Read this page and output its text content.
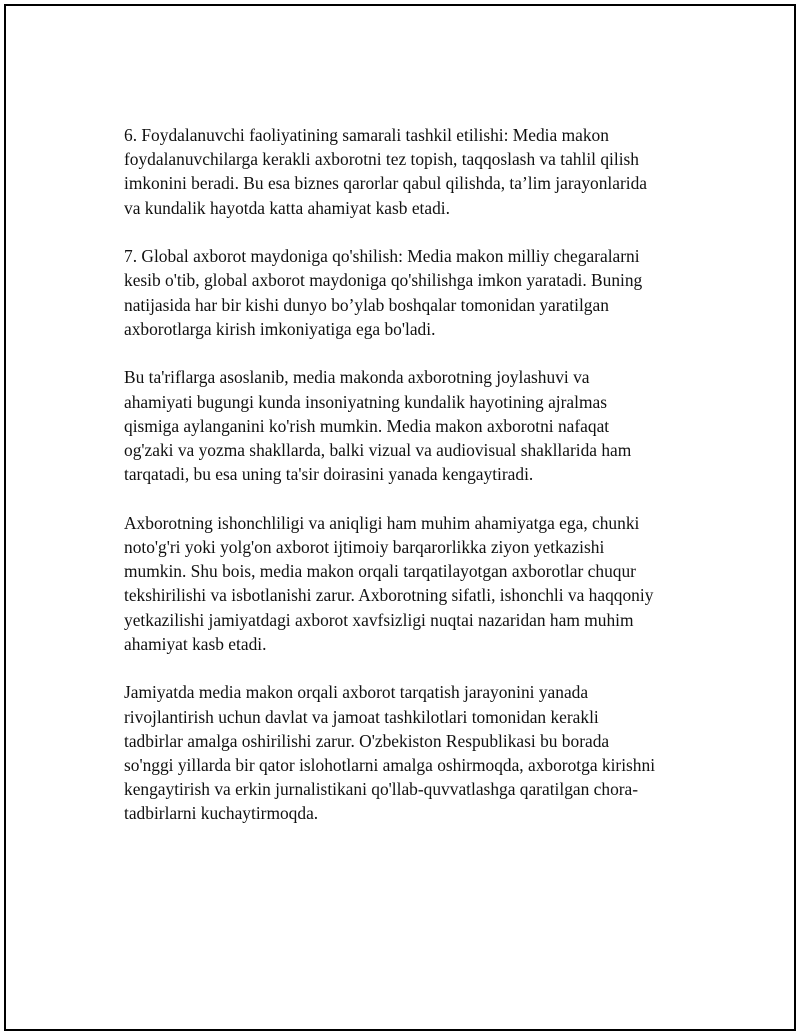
6. Foydalanuvchi faoliyatining samarali tashkil etilishi: Media makon
foydalanuvchilarga kerakli axborotni tez topish, taqqoslash va tahlil qilish
imkonini beradi. Bu esa biznes qarorlar qabul qilishda, ta’lim jarayonlarida
va kundalik hayotda katta ahamiyat kasb etadi.

7. Global axborot maydoniga qo'shilish: Media makon milliy chegaralarni
kesib o'tib, global axborot maydoniga qo'shilishga imkon yaratadi. Buning
natijasida har bir kishi dunyo bo’ylab boshqalar tomonidan yaratilgan
axborotlarga kirish imkoniyatiga ega bo'ladi.

Bu ta'riflarga asoslanib, media makonda axborotning joylashuvi va
ahamiyati bugungi kunda insoniyatning kundalik hayotining ajralmas
qismiga aylanganini ko'rish mumkin. Media makon axborotni nafaqat
og'zaki va yozma shakllarda, balki vizual va audiovisual shakllarida ham
tarqatadi, bu esa uning ta'sir doirasini yanada kengaytiradi.

Axborotning ishonchliligi va aniqligi ham muhim ahamiyatga ega, chunki
noto'g'ri yoki yolg'on axborot ijtimoiy barqarorlikka ziyon yetkazishi
mumkin. Shu bois, media makon orqali tarqatilayotgan axborotlar chuqur
tekshirilishi va isbotlanishi zarur. Axborotning sifatli, ishonchli va haqqoniy
yetkazilishi jamiyatdagi axborot xavfsizligi nuqtai nazaridan ham muhim
ahamiyat kasb etadi.

Jamiyatda media makon orqali axborot tarqatish jarayonini yanada
rivojlantirish uchun davlat va jamoat tashkilotlari tomonidan kerakli
tadbirlar amalga oshirilishi zarur. O'zbekiston Respublikasi bu borada
so'nggi yillarda bir qator islohotlarni amalga oshirmoqda, axborotga kirishni
kengaytirish va erkin jurnalistikani qo'llab-quvvatlashga qaratilgan chora-
tadbirlarni kuchaytirmoqda.
